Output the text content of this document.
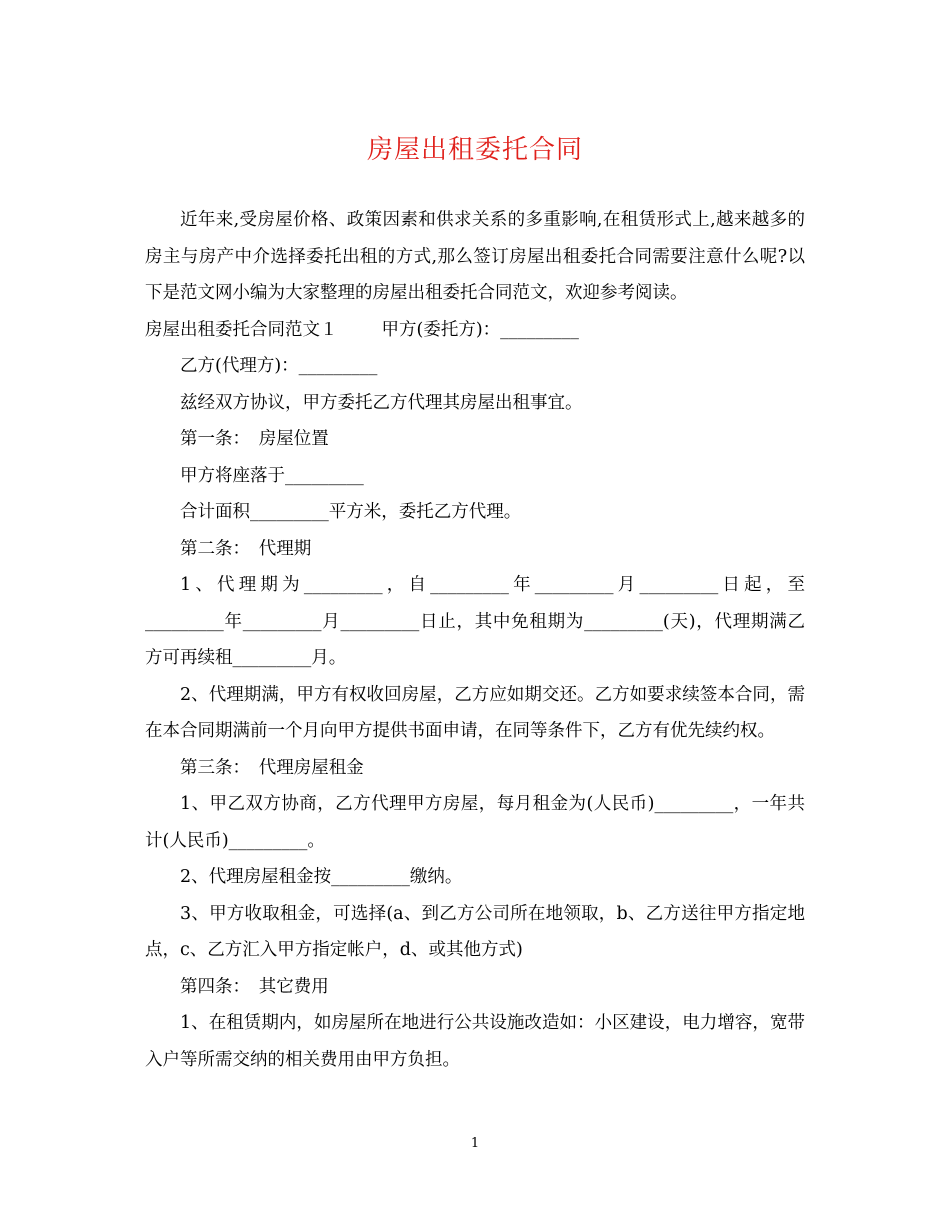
房屋出租委托合同

近年来,受房屋价格、政策因素和供求关系的多重影响,在租赁形式上,越来越多的房主与房产中介选择委托出租的方式,那么签订房屋出租委托合同需要注意什么呢?以下是范文网小编为大家整理的房屋出租委托合同范文，欢迎参考阅读。

房屋出租委托合同范文１	甲方(委托方)：_________

乙方(代理方)：_________

兹经双方协议，甲方委托乙方代理其房屋出租事宜。

第一条：　房屋位置

甲方将座落于_________

合计面积_________平方米，委托乙方代理。

第二条：　代理期

1、代理期为_________，自_________年_________月_________日起，至_________年_________月_________日止，其中免租期为_________(天)，代理期满乙方可再续租_________月。

2、代理期满，甲方有权收回房屋，乙方应如期交还。乙方如要求续签本合同，需在本合同期满前一个月向甲方提供书面申请，在同等条件下，乙方有优先续约权。

第三条：　代理房屋租金

1、甲乙双方协商，乙方代理甲方房屋，每月租金为(人民币)_________，一年共计(人民币)_________。

2、代理房屋租金按_________缴纳。

3、甲方收取租金，可选择(a、到乙方公司所在地领取，b、乙方送往甲方指定地点，c、乙方汇入甲方指定帐户，d、或其他方式)

第四条：　其它费用

1、在租赁期内，如房屋所在地进行公共设施改造如：小区建设，电力增容，宽带入户等所需交纳的相关费用由甲方负担。

1
